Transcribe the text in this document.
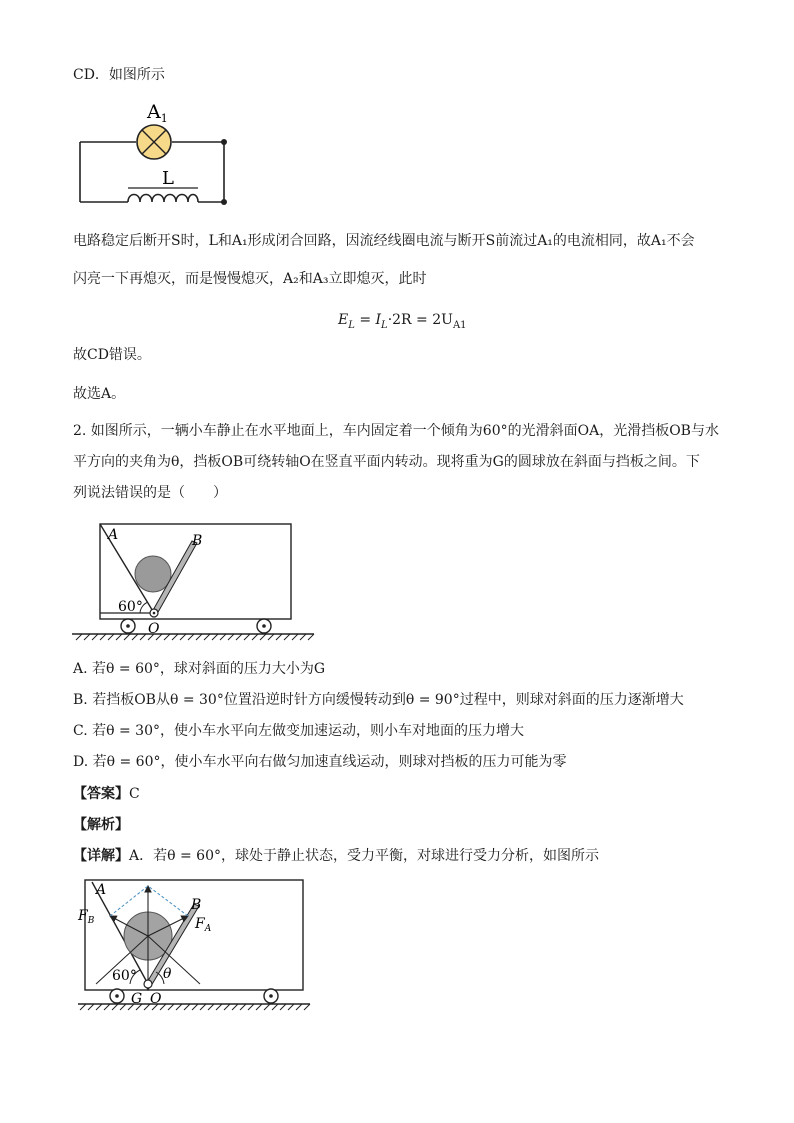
CD．如图所示
$A_1$
L
电路稳定后断开S时，L和A₁形成闭合回路，因流经线圈电流与断开S前流过A₁的电流相同，故A₁不会
闪亮一下再熄灭，而是慢慢熄灭，A₂和A₃立即熄灭，此时
$E_L = I_L\cdot 2R = 2U_{A1}$
故CD错误。
故选A。
2. 如图所示，一辆小车静止在水平地面上，车内固定着一个倾角为60°的光滑斜面OA，光滑挡板OB与水
平方向的夹角为θ，挡板OB可绕转轴O在竖直平面内转动。现将重为G的圆球放在斜面与挡板之间。下
列说法错误的是（　　）
A	B
60°
O
A. 若θ = 60°，球对斜面的压力大小为G
B. 若挡板OB从θ = 30°位置沿逆时针方向缓慢转动到θ = 90°过程中，则球对斜面的压力逐渐增大
C. 若θ = 30°，使小车水平向左做变加速运动，则小车对地面的压力增大
D. 若θ = 60°，使小车水平向右做匀加速直线运动，则球对挡板的压力可能为零
【答案】C
【解析】
【详解】A．若θ = 60°，球处于静止状态，受力平衡，对球进行受力分析，如图所示
A
B
$F_B$	$F_A$
60° θ
G O
